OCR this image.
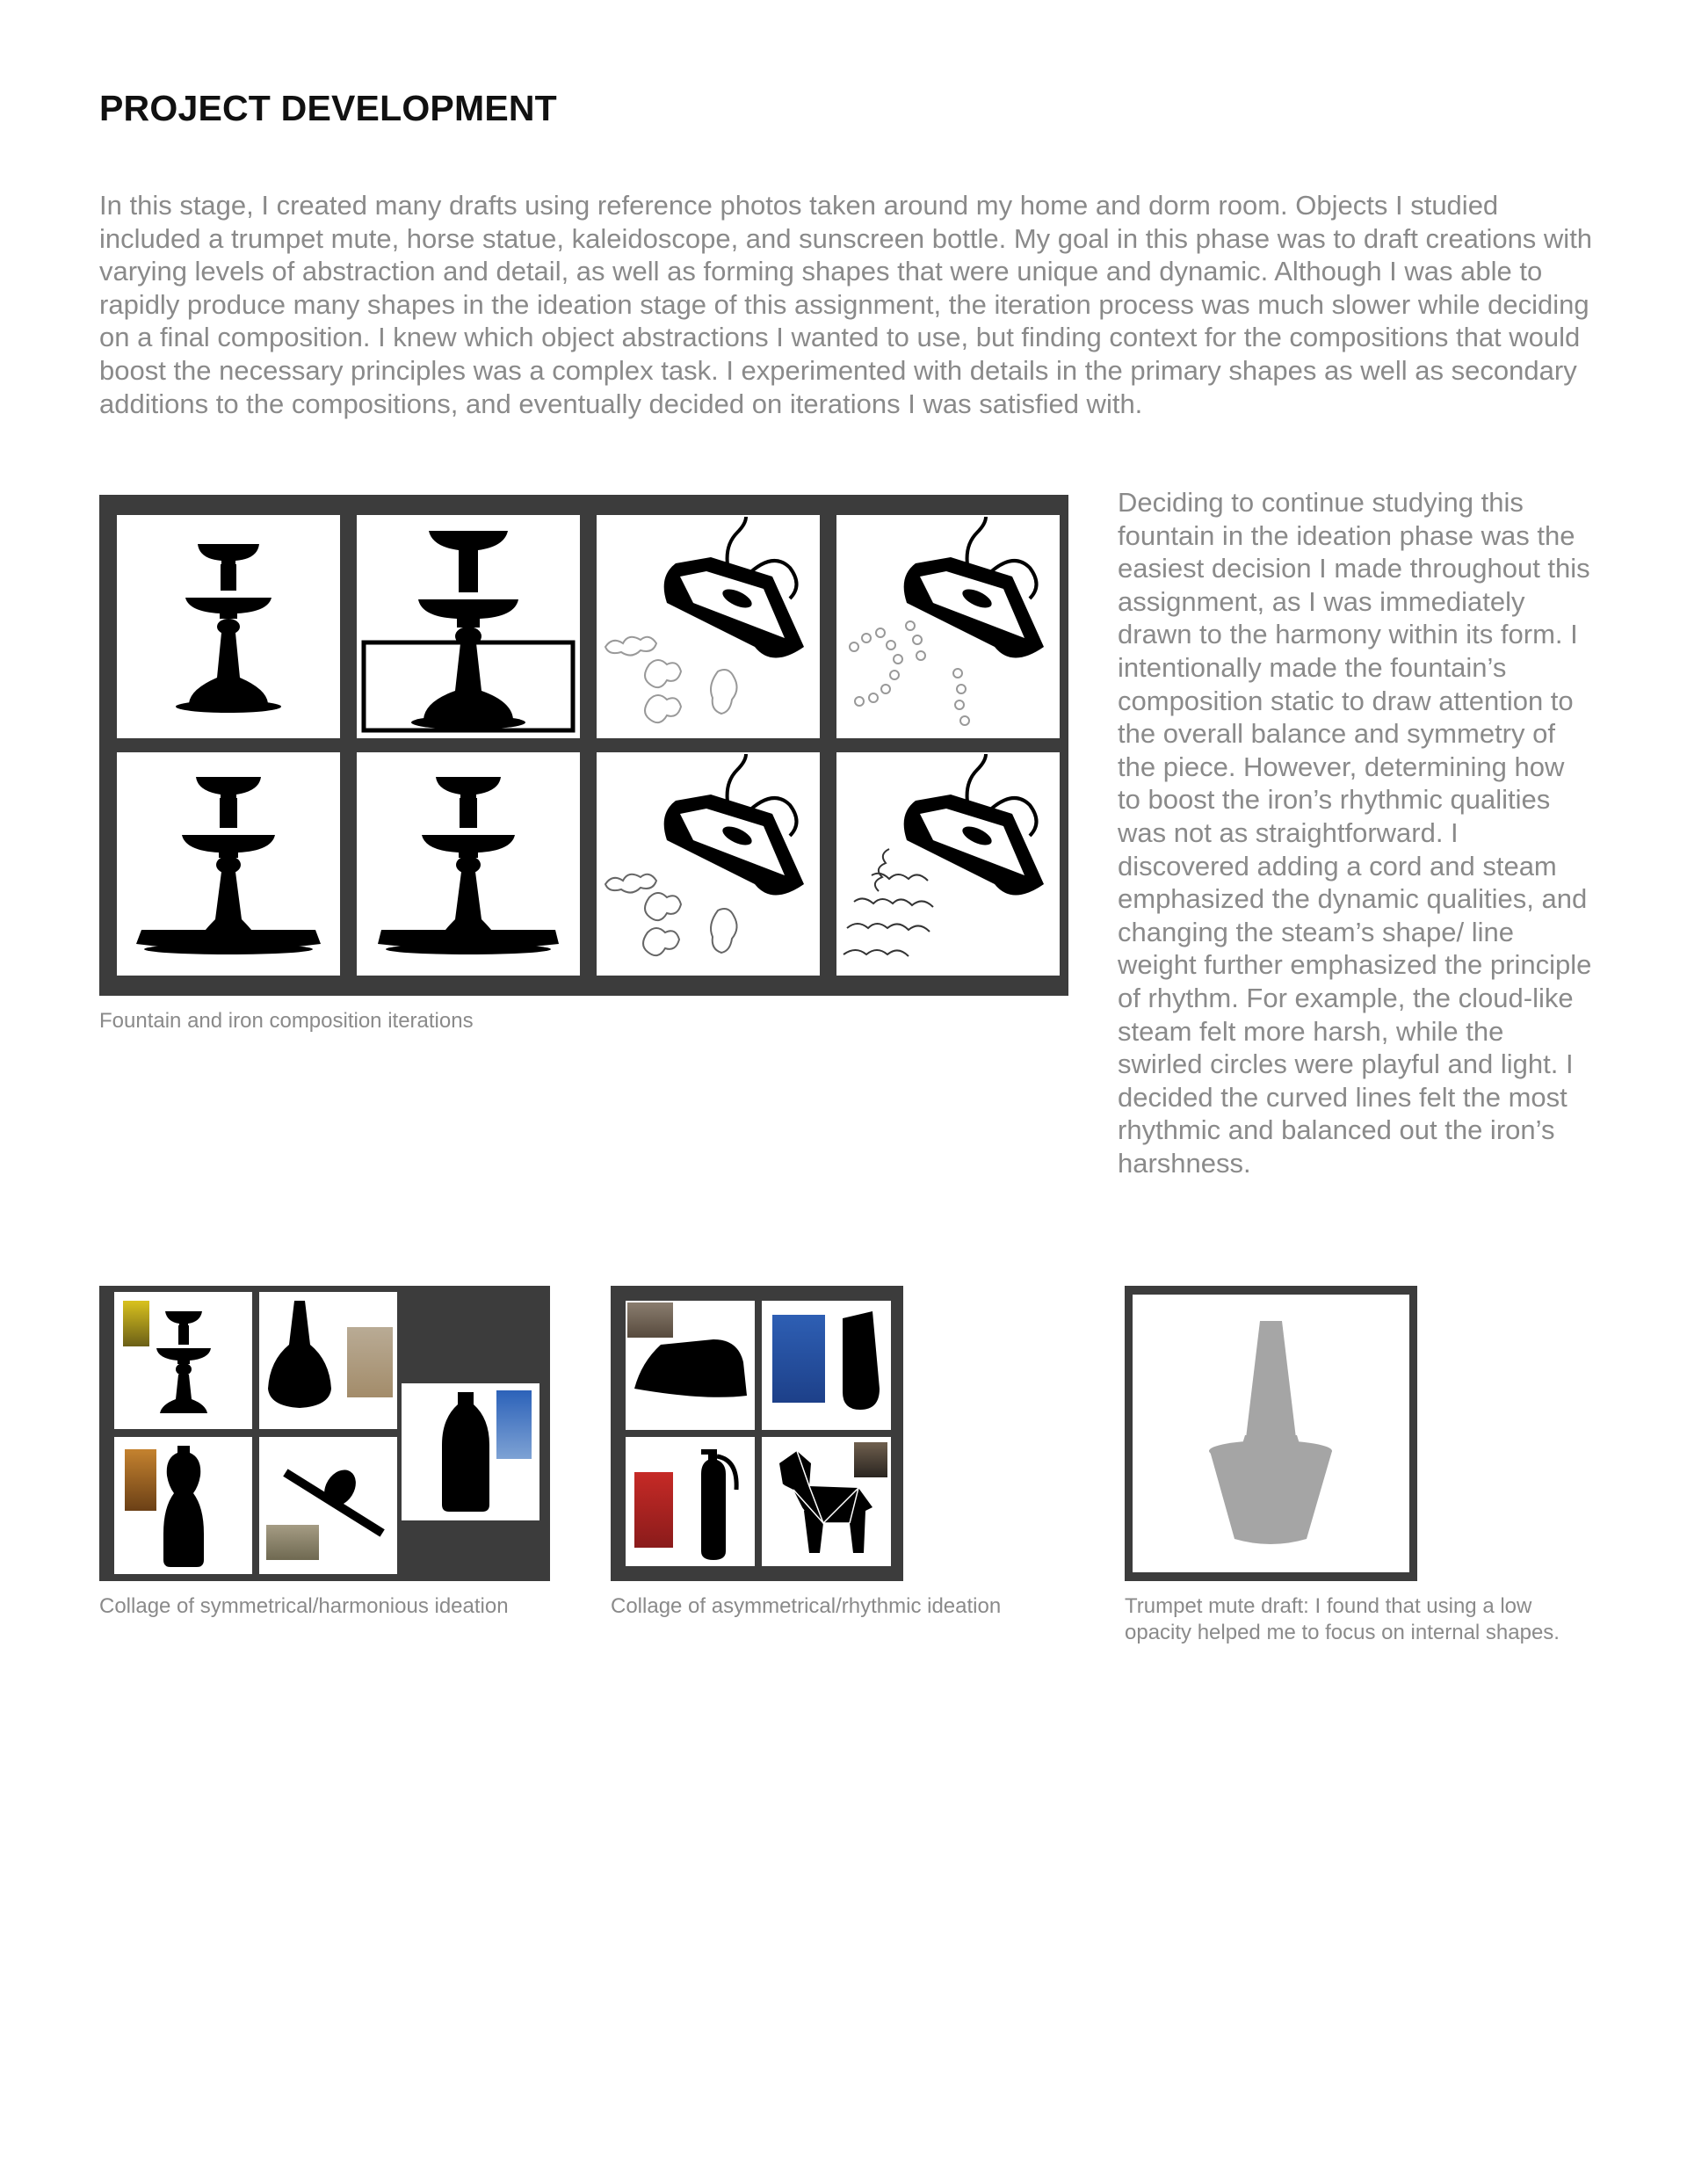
PROJECT DEVELOPMENT

In this stage, I created many drafts using reference photos taken around my home and dorm room. Objects I studied included a trumpet mute, horse statue, kaleidoscope, and sunscreen bottle. My goal in this phase was to draft creations with varying levels of abstraction and detail, as well as forming shapes that were unique and dynamic. Although I was able to rapidly produce many shapes in the ideation stage of this assignment, the iteration process was much slower while deciding on a final composition. I knew which object abstractions I wanted to use, but finding context for the compositions that would boost the necessary principles was a complex task. I experimented with details in the primary shapes as well as secondary additions to the compositions, and eventually decided on iterations I was satisfied with.

Fountain and iron composition iterations

Deciding to continue studying this fountain in the ideation phase was the easiest decision I made throughout this assignment, as I was immediately drawn to the harmony within its form. I intentionally made the fountain’s composition static to draw attention to the overall balance and symmetry of the piece. However, determining how to boost the iron’s rhythmic qualities was not as straightforward. I discovered adding a cord and steam emphasized the dynamic qualities, and changing the steam’s shape/ line weight further emphasized the principle of rhythm. For example, the cloud-like steam felt more harsh, while the swirled circles were playful and light. I decided the curved lines felt the most rhythmic and balanced out the iron’s harshness.

Collage of symmetrical/harmonious ideation	Collage of asymmetrical/rhythmic ideation	Trumpet mute draft: I found that using a low opacity helped me to focus on internal shapes.
